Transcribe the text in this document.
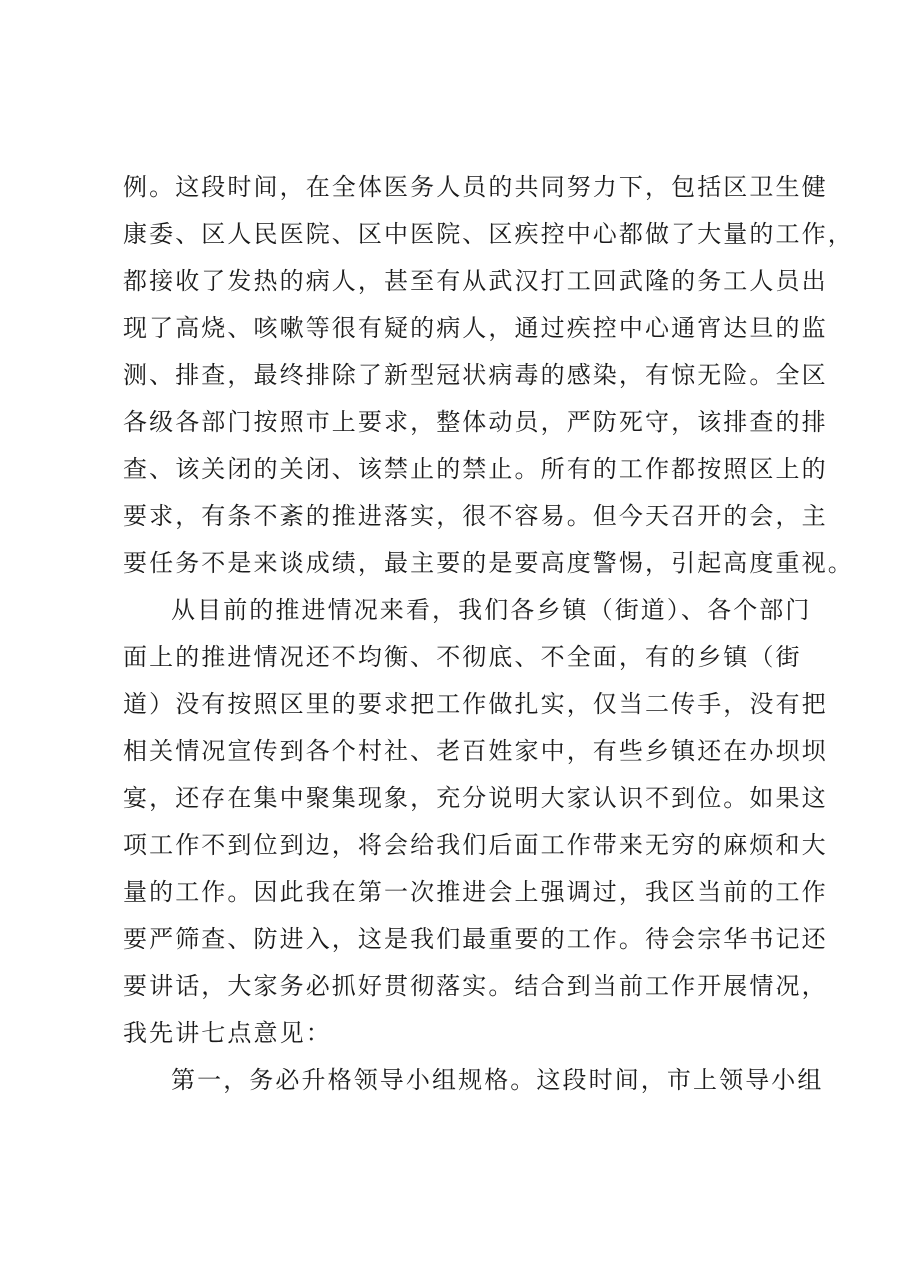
例。这段时间，在全体医务人员的共同努力下，包括区卫生健
康委、区人民医院、区中医院、区疾控中心都做了大量的工作，
都接收了发热的病人，甚至有从武汉打工回武隆的务工人员出
现了高烧、咳嗽等很有疑的病人，通过疾控中心通宵达旦的监
测、排查，最终排除了新型冠状病毒的感染，有惊无险。全区
各级各部门按照市上要求，整体动员，严防死守，该排查的排
查、该关闭的关闭、该禁止的禁止。所有的工作都按照区上的
要求，有条不紊的推进落实，很不容易。但今天召开的会，主
要任务不是来谈成绩，最主要的是要高度警惕，引起高度重视。
从目前的推进情况来看，我们各乡镇（街道）、各个部门
面上的推进情况还不均衡、不彻底、不全面，有的乡镇（街
道）没有按照区里的要求把工作做扎实，仅当二传手，没有把
相关情况宣传到各个村社、老百姓家中，有些乡镇还在办坝坝
宴，还存在集中聚集现象，充分说明大家认识不到位。如果这
项工作不到位到边，将会给我们后面工作带来无穷的麻烦和大
量的工作。因此我在第一次推进会上强调过，我区当前的工作
要严筛查、防进入，这是我们最重要的工作。待会宗华书记还
要讲话，大家务必抓好贯彻落实。结合到当前工作开展情况，
我先讲七点意见：
第一，务必升格领导小组规格。这段时间，市上领导小组
